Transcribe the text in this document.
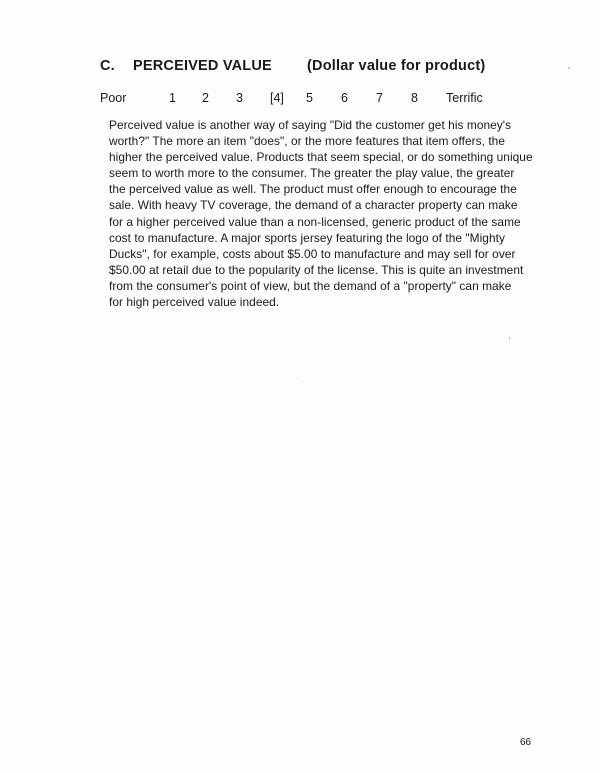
C. PERCEIVED VALUE (Dollar value for product)
Poor	1 2 3 [4] 5 6 7 8 Terrific

Perceived value is another way of saying "Did the customer get his money's
worth?" The more an item "does", or the more features that item offers, the
higher the perceived value. Products that seem special, or do something unique
seem to worth more to the consumer. The greater the play value, the greater
the perceived value as well. The product must offer enough to encourage the
sale. With heavy TV coverage, the demand of a character property can make
for a higher perceived value than a non-licensed, generic product of the same
cost to manufacture. A major sports jersey featuring the logo of the "Mighty
Ducks", for example, costs about $5.00 to manufacture and may sell for over
$50.00 at retail due to the popularity of the license. This is quite an investment
from the consumer's point of view, but the demand of a "property" can make
for high perceived value indeed.

66
